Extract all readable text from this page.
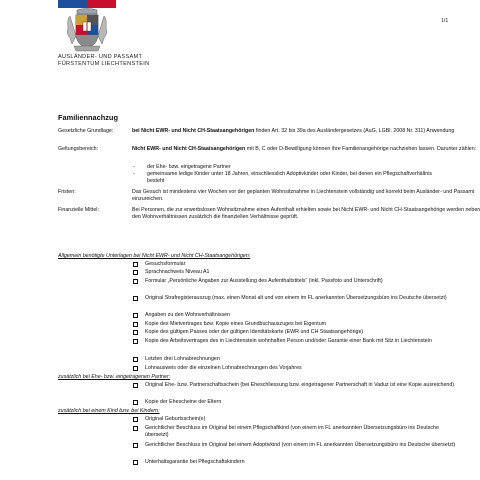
AUSLÄNDER- UND PASSAMT
FÜRSTENTUM LIECHTENSTEIN
1/1
Familiennachzug
Gesetzliche Grundlage:	bei Nicht EWR- und Nicht CH-Staatsangehörigen finden Art. 32 bis 39a des Ausländergesetzes (AuG, LGBl. 2008 Nr. 311) Anwendung
Geltungsbereich:	Nicht EWR- und Nicht CH-Staatsangehörigen mit B, C oder D-Bewilligung können ihre Familienangehörige nachziehen lassen. Darunter zählen:
- der Ehe- bzw. eingetragene Partner
- gemeinsame ledige Kinder unter 18 Jahren, einschliesslich Adoptivkinder oder Kinder, bei denen ein Pflegschaftverhältnis besteht
Fristen:	Das Gesuch ist mindestens vier Wochen vor der geplanten Wohnsitznahme in Liechtenstein vollständig und korrekt beim Ausländer- und Passamt einzureichen.
Finanzielle Mittel:	Bei Personen, die zur erwerbslosen Wohnsitznahme einen Aufenthalt erhielten sowie bei Nicht EWR- und Nicht CH-Staatsangehörige werden neben den Wohnverhältnissen zusätzlich die finanziellen Verhältnisse geprüft.
Allgemein benötigte Unterlagen bei Nicht EWR- und Nicht CH-Staatsangehörigen:
Gesuchsformular
Sprachnachweis Niveau A1
Formular „Persönliche Angaben zur Ausstellung des Aufenthaltstitels“ (inkl. Passfoto und Unterschrift)
Original Strafregisterauszug (max. einen Monat alt und von einem im FL anerkannten Übersetzungsbüro ins Deutsche übersetzt)
Angaben zu den Wohnverhältnissen
Kopie des Mietvertrages bzw. Kopie eines Grundbuchauszuges bei Eigentum
Kopie des gültigen Passes oder der gültigen Identitätskarte (EWR und CH Staatsangehörige)
Kopie des Arbeitsvertrages des in Liechtenstein wohnhaften Person und/oder Garantie einer Bank mit Sitz in Liechtenstein
Letzten drei Lohnabrechnungen
Lohnausweis oder die einzelnen Lohnabrechnungen des Vorjahres
zusätzlich bei Ehe- bzw. eingetragenen Partner:
Original Ehe- bzw. Partnerschaftsschein (bei Eheschliessung bzw. eingetragener Partnerschaft in Vaduz ist eine Kopie ausreichend)
Kopie der Ehescheine der Eltern
zusätzlich bei einem Kind bzw. bei Kindern:
Original Geburtsschein(e)
Gerichtlicher Beschluss im Original bei einem Pflegschaftkind (von einem im FL anerkannten Übersetzungsbüro ins Deutsche übersetzt)
Gerichtlicher Beschluss im Original bei einem Adoptivkind (von einem im FL anerkannten Übersetzungsbüro ins Deutsche übersetzt)
Unterhaltsgarantie bei Pflegschaftskindern
